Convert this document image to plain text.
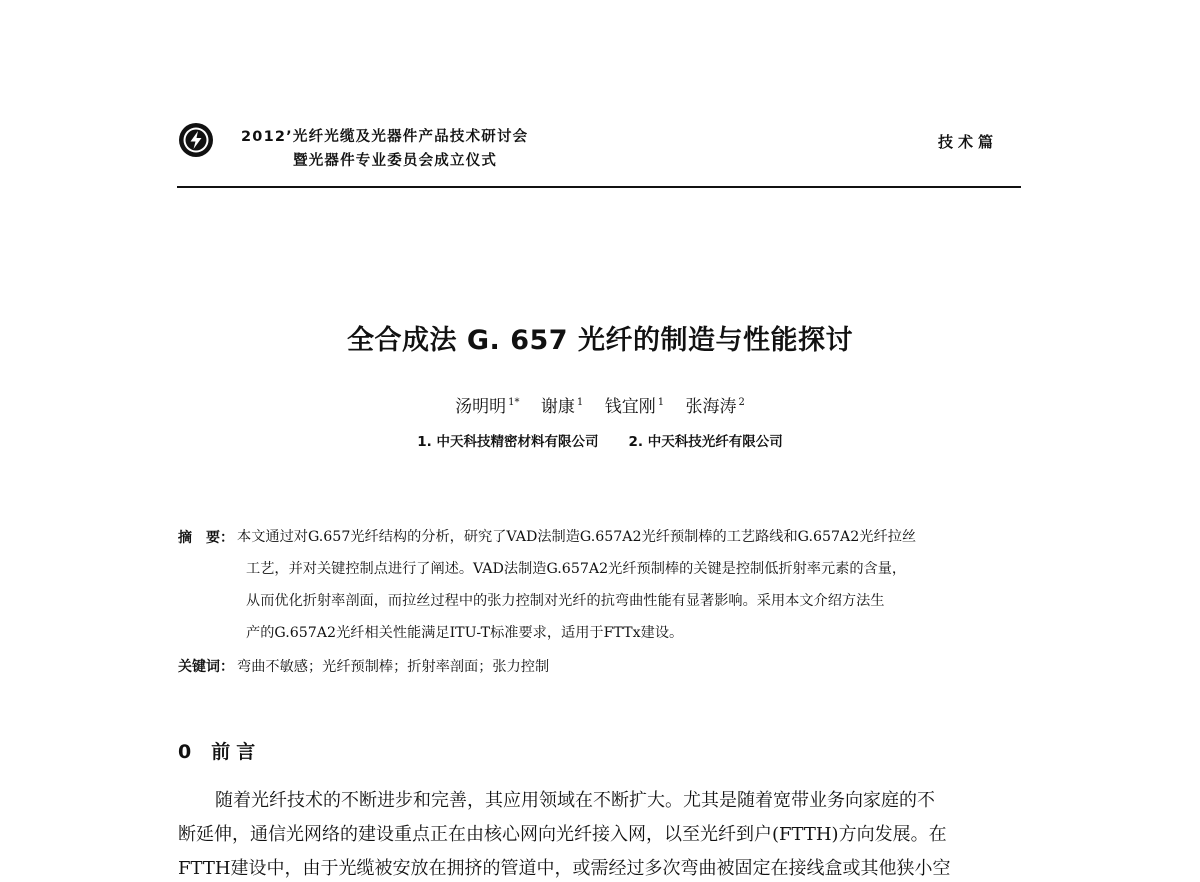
2012’光纤光缆及光器件产品技术研讨会
暨光器件专业委员会成立仪式
技术篇
全合成法 G. 657 光纤的制造与性能探讨
汤明明 $^{1*}$ 谢康 $^1$ 钱宜刚 $^1$ 张海涛 $^2$
1. 中天科技精密材料有限公司 2. 中天科技光纤有限公司
摘　要： 本文通过对G.657光纤结构的分析，研究了VAD法制造G.657A2光纤预制棒的工艺路线和G.657A2光纤拉丝
工艺，并对关键控制点进行了阐述。VAD法制造G.657A2光纤预制棒的关键是控制低折射率元素的含量，
从而优化折射率剖面，而拉丝过程中的张力控制对光纤的抗弯曲性能有显著影响。采用本文介绍方法生
产的G.657A2光纤相关性能满足ITU-T标准要求，适用于FTTx建设。
关键词： 弯曲不敏感；光纤预制棒；折射率剖面；张力控制
0 前言
随着光纤技术的不断进步和完善，其应用领域在不断扩大。尤其是随着宽带业务向家庭的不
断延伸，通信光网络的建设重点正在由核心网向光纤接入网，以至光纤到户(FTTH)方向发展。在
FTTH建设中，由于光缆被安放在拥挤的管道中，或需经过多次弯曲被固定在接线盒或其他狭小空
